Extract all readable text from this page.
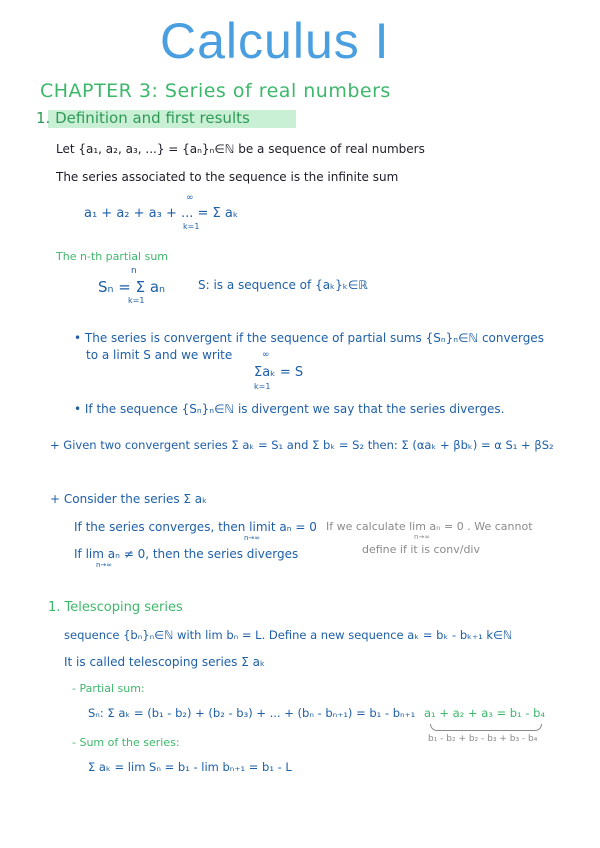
Calculus I
CHAPTER 3: Series of real numbers
1. Definition and first results
Let {a₁, a₂, a₃, ...} = {aₙ}ₙ∈ℕ be a sequence of real numbers
The series associated to the sequence is the infinite sum
∞
a₁ + a₂ + a₃ + ... = Σ aₖ
k=1
The n-th partial sum
n
Sₙ = Σ aₙ
k=1
S: is a sequence of {aₖ}ₖ∈ℝ
• The series is convergent if the sequence of partial sums {Sₙ}ₙ∈ℕ converges
to a limit S and we write	∞
Σaₖ = S
k=1
• If the sequence {Sₙ}ₙ∈ℕ is divergent we say that the series diverges.
+ Given two convergent series Σ aₖ = S₁ and Σ bₖ = S₂ then: Σ (αaₖ + βbₖ) = α S₁ + βS₂
+ Consider the series Σ aₖ
If the series converges, then limit aₙ = 0
n→∞
If lim aₙ ≠ 0, then the series diverges
n→∞
If we calculate lim aₙ = 0 . We cannot
n→∞
define if it is conv/div
1. Telescoping series
sequence {bₙ}ₙ∈ℕ with lim bₙ = L. Define a new sequence aₖ = bₖ - bₖ₊₁ k∈ℕ
It is called telescoping series Σ aₖ
- Partial sum:
Sₙ: Σ aₖ = (b₁ - b₂) + (b₂ - b₃) + ... + (bₙ - bₙ₊₁) = b₁ - bₙ₊₁ a₁ + a₂ + a₃ = b₁ - b₄
b₁ - b₂ + b₂ - b₃ + b₃ - b₄
- Sum of the series:
Σ aₖ = lim Sₙ = b₁ - lim bₙ₊₁ = b₁ - L
